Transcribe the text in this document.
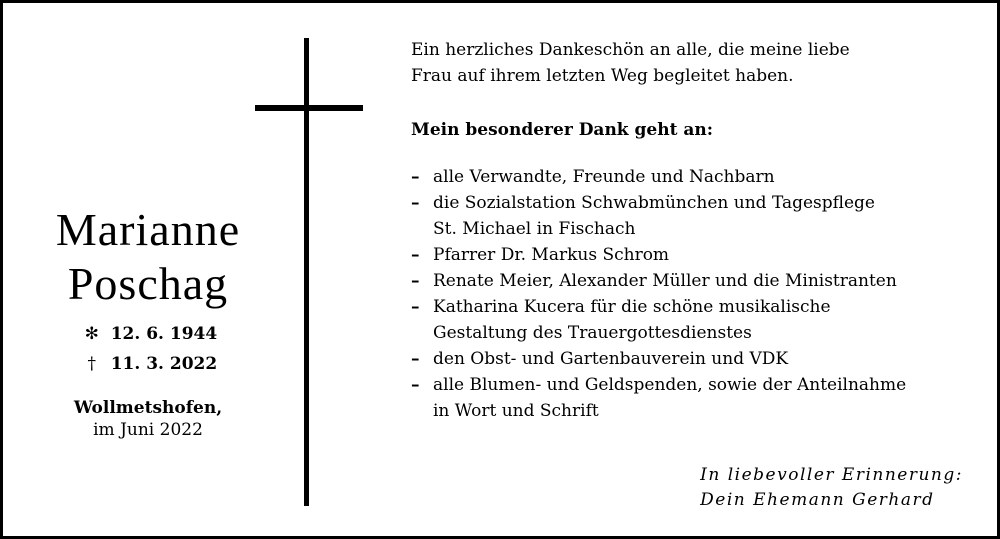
Marianne
Poschag
✻ 12. 6. 1944
† 11. 3. 2022
Wollmetshofen,
im Juni 2022

Ein herzliches Dankeschön an alle, die meine liebe

Frau auf ihrem letzten Weg begleitet haben.

Mein besonderer Dank geht an:

– alle Verwandte, Freunde und Nachbarn
– die Sozialstation Schwabmünchen und Tagespflege
St. Michael in Fischach
– Pfarrer Dr. Markus Schrom
– Renate Meier, Alexander Müller und die Ministranten
– Katharina Kucera für die schöne musikalische
Gestaltung des Trauergottesdienstes
– den Obst- und Gartenbauverein und VDK
– alle Blumen- und Geldspenden, sowie der Anteilnahme
in Wort und Schrift
In liebevoller Erinnerung:
Dein Ehemann Gerhard
